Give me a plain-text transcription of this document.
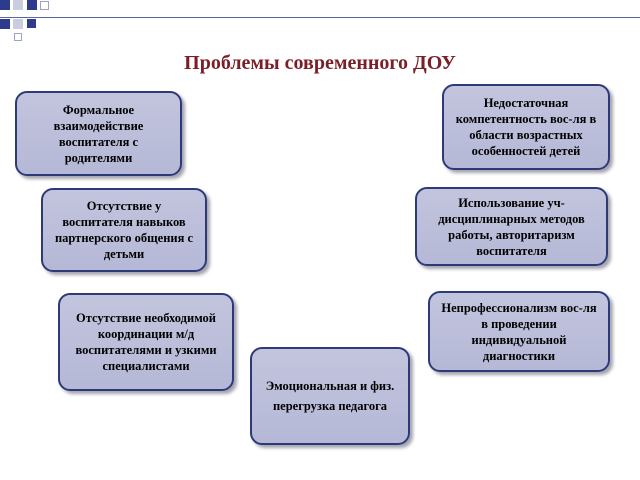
Проблемы современного ДОУ
Формальное взаимодействие воспитателя с родителями
Отсутствие у воспитателя навыков партнерского общения с детьми
Отсутствие необходимой координации м/д воспитателями и узкими специалистами
Эмоциональная и физ. перегрузка педагога
Недостаточная компетентность вос-ля в области возрастных особенностей детей
Использование уч-дисциплинарных методов работы, авторитаризм воспитателя
Непрофессионализм вос-ля в проведении индивидуальной диагностики
